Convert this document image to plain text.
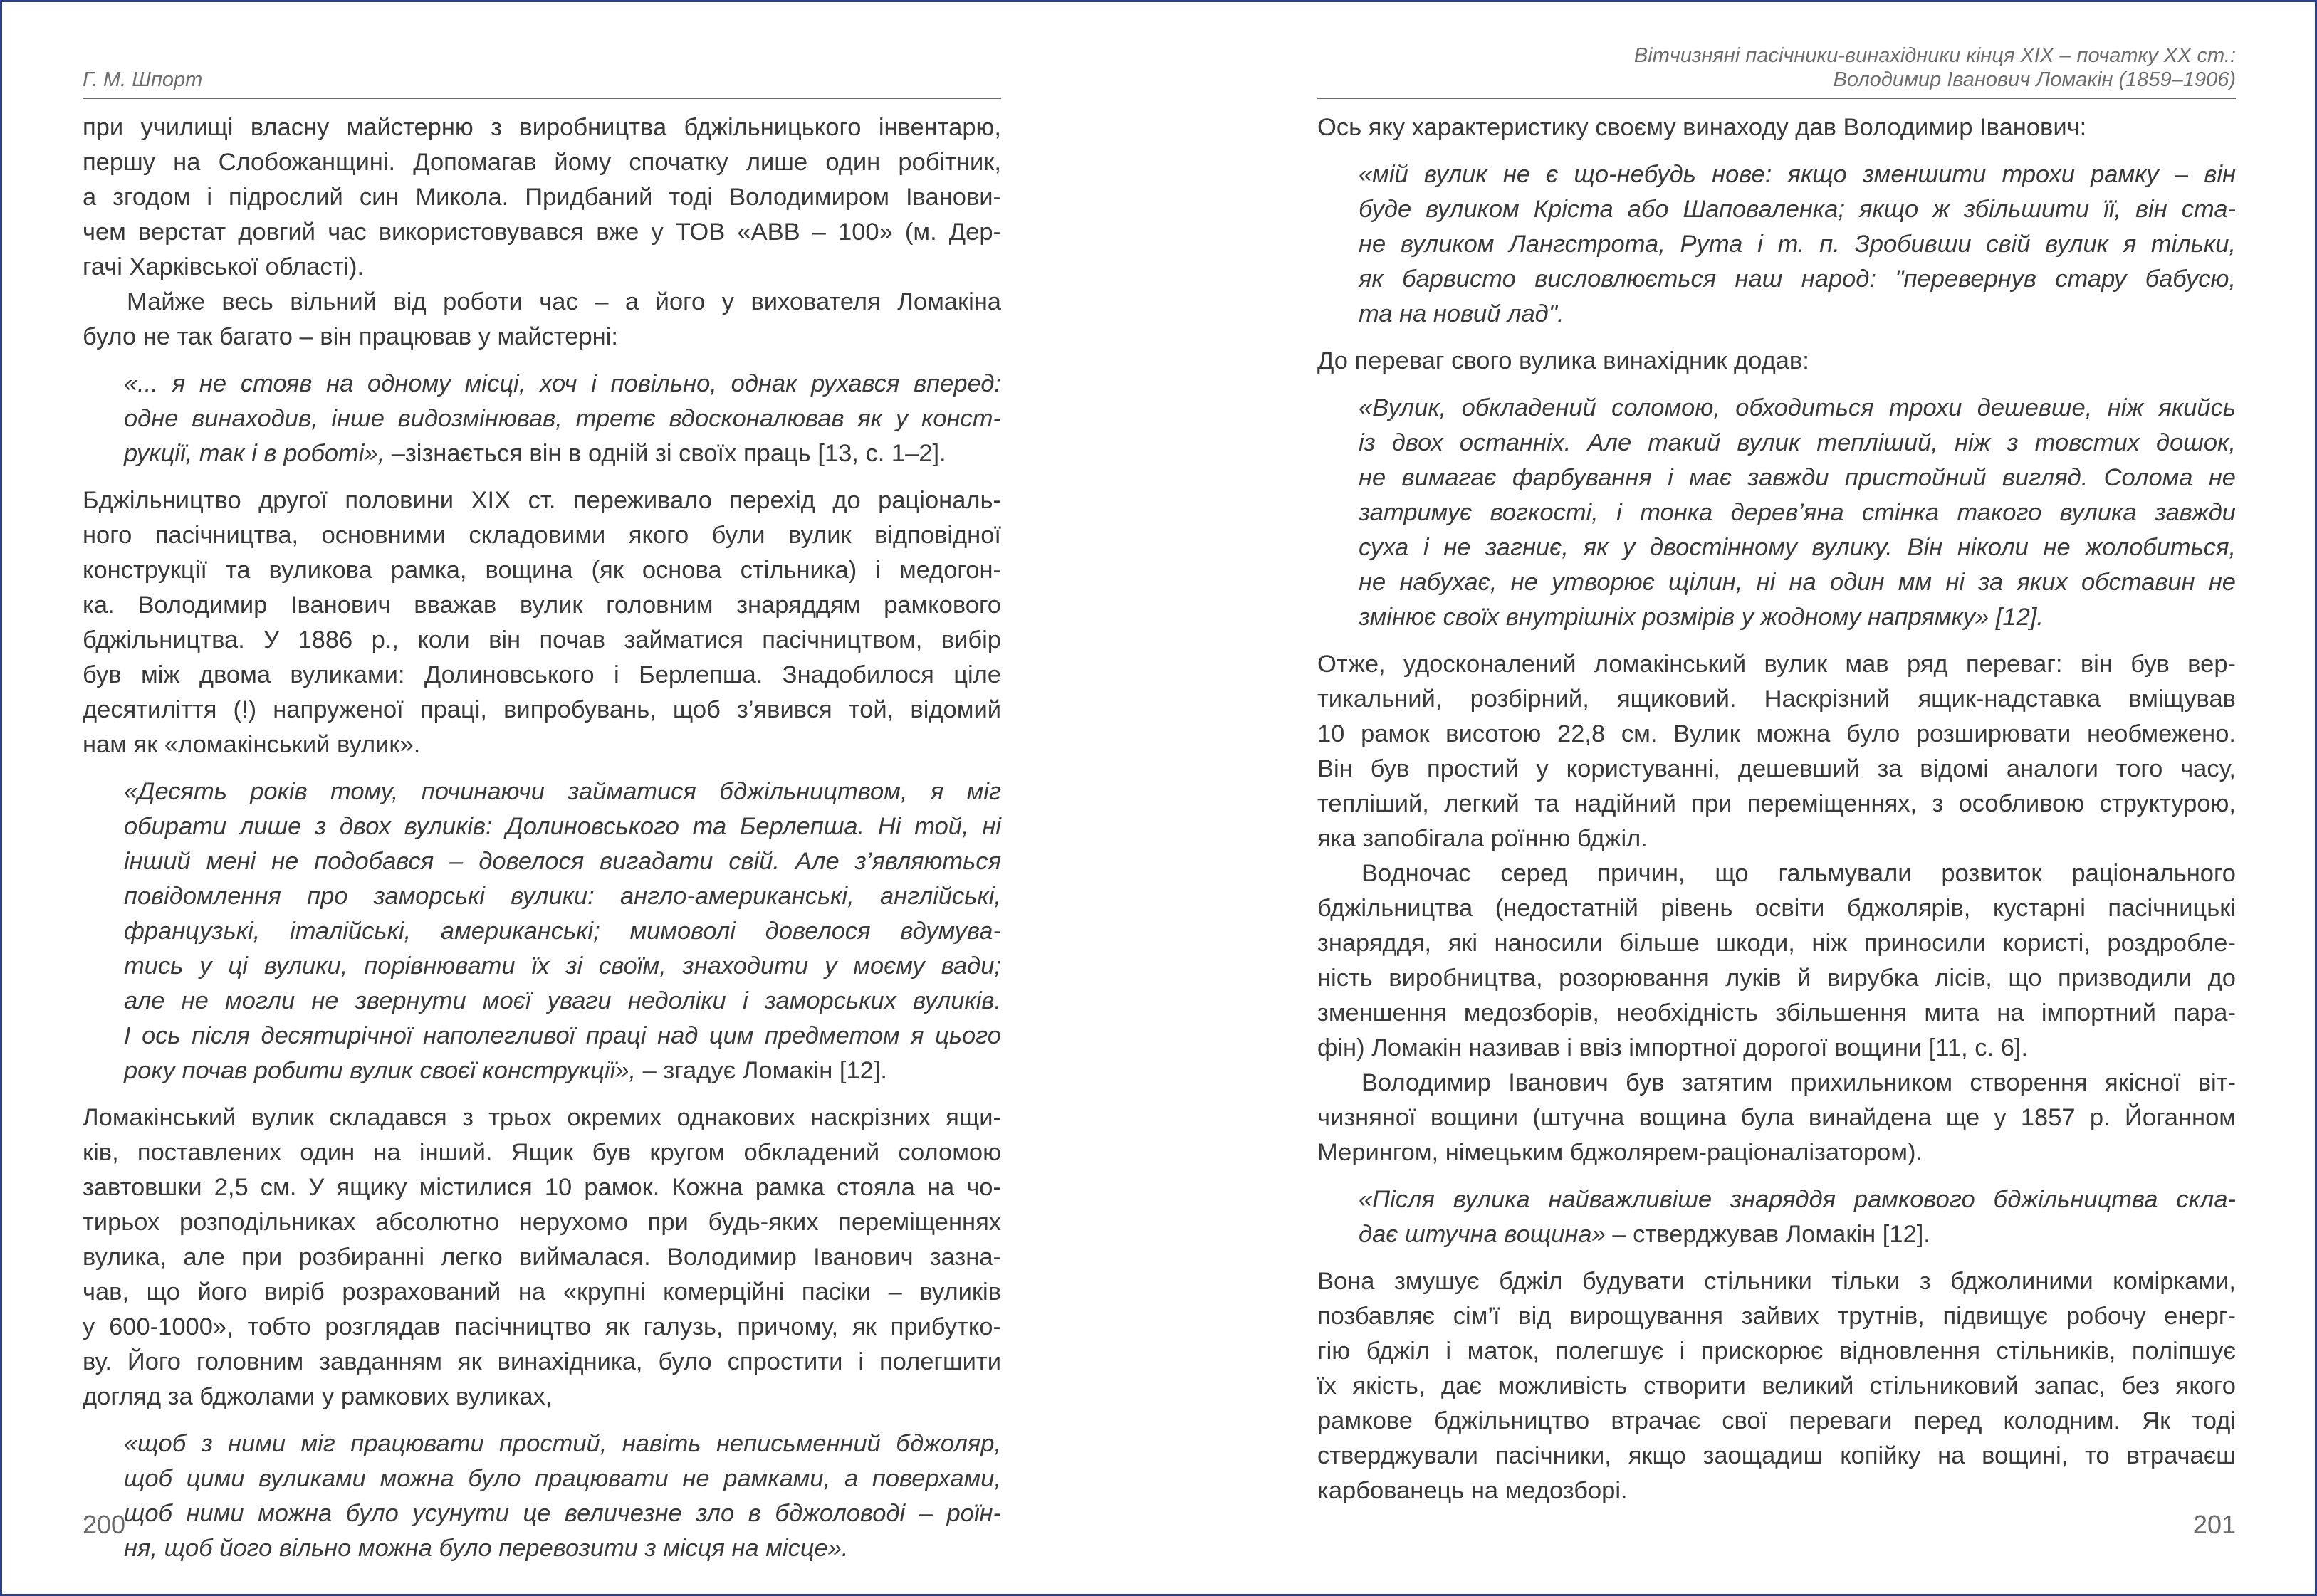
Г. М. Шпорт

при училищі власну майстерню з виробництва бджільницького інвентарю,

першу на Слобожанщині. Допомагав йому спочатку лише один робітник,

а згодом і підрослий син Микола. Придбаний тоді Володимиром Іванови-

чем верстат довгий час використовувався вже у ТОВ «АВВ – 100» (м. Дер-

гачі Харківської області).

Майже весь вільний від роботи час – а його у вихователя Ломакіна

було не так багато – він працював у майстерні:

«... я не стояв на одному місці, хоч і повільно, однак рухався вперед:

одне винаходив, інше видозмінював, третє вдосконалював як у конст-

рукції, так і в роботі», –зізнається він в одній зі своїх праць [13, с. 1–2].

Бджільництво другої половини XIX ст. переживало перехід до раціональ-

ного пасічництва, основними складовими якого були вулик відповідної

конструкції та вуликова рамка, вощина (як основа стільника) і медогон-

ка. Володимир Іванович вважав вулик головним знаряддям рамкового

бджільництва. У 1886 р., коли він почав займатися пасічництвом, вибір

був між двома вуликами: Долиновського і Берлепша. Знадобилося ціле

десятиліття (!) напруженої праці, випробувань, щоб з’явився той, відомий

нам як «ломакінський вулик».

«Десять років тому, починаючи займатися бджільництвом, я міг

обирати лише з двох вуликів: Долиновського та Берлепша. Ні той, ні

інший мені не подобався – довелося вигадати свій. Але з’являються

повідомлення про заморські вулики: англо-американські, англійські,

французькі, італійські, американські; мимоволі довелося вдумува-

тись у ці вулики, порівнювати їх зі своїм, знаходити у моєму вади;

але не могли не звернути моєї уваги недоліки і заморських вуликів.

І ось після десятирічної наполегливої праці над цим предметом я цього

року почав робити вулик своєї конструкції», – згадує Ломакін [12].

Ломакінський вулик складався з трьох окремих однакових наскрізних ящи-

ків, поставлених один на інший. Ящик був кругом обкладений соломою

завтовшки 2,5 см. У ящику містилися 10 рамок. Кожна рамка стояла на чо-

тирьох розподільниках абсолютно нерухомо при будь-яких переміщеннях

вулика, але при розбиранні легко виймалася. Володимир Іванович зазна-

чав, що його виріб розрахований на «крупні комерційні пасіки – вуликів

у 600-1000», тобто розглядав пасічництво як галузь, причому, як прибутко-

ву. Його головним завданням як винахідника, було спростити і полегшити

догляд за бджолами у рамкових вуликах,

«щоб з ними міг працювати простий, навіть неписьменний бджоляр,

щоб цими вуликами можна було працювати не рамками, а поверхами,

щоб ними можна було усунути це величезне зло в бджоловоді – роїн-

ня, щоб його вільно можна було перевозити з місця на місце».

200
Вітчизняні пасічники-винахідники кінця XIX – початку XX ст.:
Володимир Іванович Ломакін (1859–1906)

Ось яку характеристику своєму винаходу дав Володимир Іванович:

«мій вулик не є що-небудь нове: якщо зменшити трохи рамку – він

буде вуликом Кріста або Шаповаленка; якщо ж збільшити її, він ста-

не вуликом Лангстрота, Рута і т. п. Зробивши свій вулик я тільки,

як барвисто висловлюється наш народ: "перевернув стару бабусю,

та на новий лад".

До переваг свого вулика винахідник додав:

«Вулик, обкладений соломою, обходиться трохи дешевше, ніж якийсь

із двох останніх. Але такий вулик тепліший, ніж з товстих дошок,

не вимагає фарбування і має завжди пристойний вигляд. Солома не

затримує вогкості, і тонка дерев’яна стінка такого вулика завжди

суха і не загниє, як у двостінному вулику. Він ніколи не жолобиться,

не набухає, не утворює щілин, ні на один мм ні за яких обставин не

змінює своїх внутрішніх розмірів у жодному напрямку» [12].

Отже, удосконалений ломакінський вулик мав ряд переваг: він був вер-

тикальний, розбірний, ящиковий. Наскрізний ящик-надставка вміщував

10 рамок висотою 22,8 см. Вулик можна було розширювати необмежено.

Він був простий у користуванні, дешевший за відомі аналоги того часу,

тепліший, легкий та надійний при переміщеннях, з особливою структурою,

яка запобігала роїнню бджіл.

Водночас серед причин, що гальмували розвиток раціонального

бджільництва (недостатній рівень освіти бджолярів, кустарні пасічницькі

знаряддя, які наносили більше шкоди, ніж приносили користі, роздробле-

ність виробництва, розорювання луків й вирубка лісів, що призводили до

зменшення медозборів, необхідність збільшення мита на імпортний пара-

фін) Ломакін називав і ввіз імпортної дорогої вощини [11, с. 6].

Володимир Іванович був затятим прихильником створення якісної віт-

чизняної вощини (штучна вощина була винайдена ще у 1857 р. Йоганном

Мерингом, німецьким бджолярем-раціоналізатором).

«Після вулика найважливіше знаряддя рамкового бджільництва скла-

дає штучна вощина» – стверджував Ломакін [12].

Вона змушує бджіл будувати стільники тільки з бджолиними комірками,

позбавляє сім’ї від вирощування зайвих трутнів, підвищує робочу енерг-

гію бджіл і маток, полегшує і прискорює відновлення стільників, поліпшує

їх якість, дає можливість створити великий стільниковий запас, без якого

рамкове бджільництво втрачає свої переваги перед колодним. Як тоді

стверджували пасічники, якщо заощадиш копійку на вощині, то втрачаєш

карбованець на медозборі.

201
